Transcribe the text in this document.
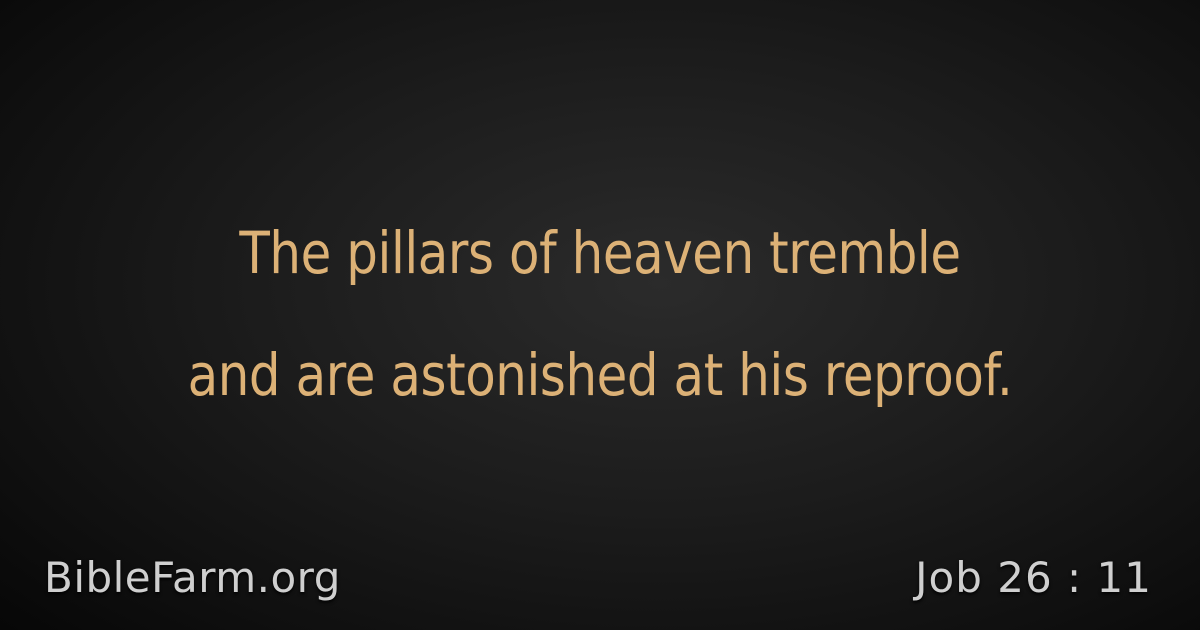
The pillars of heaven tremble
and are astonished at his reproof.
BibleFarm.org	Job 26 : 11
